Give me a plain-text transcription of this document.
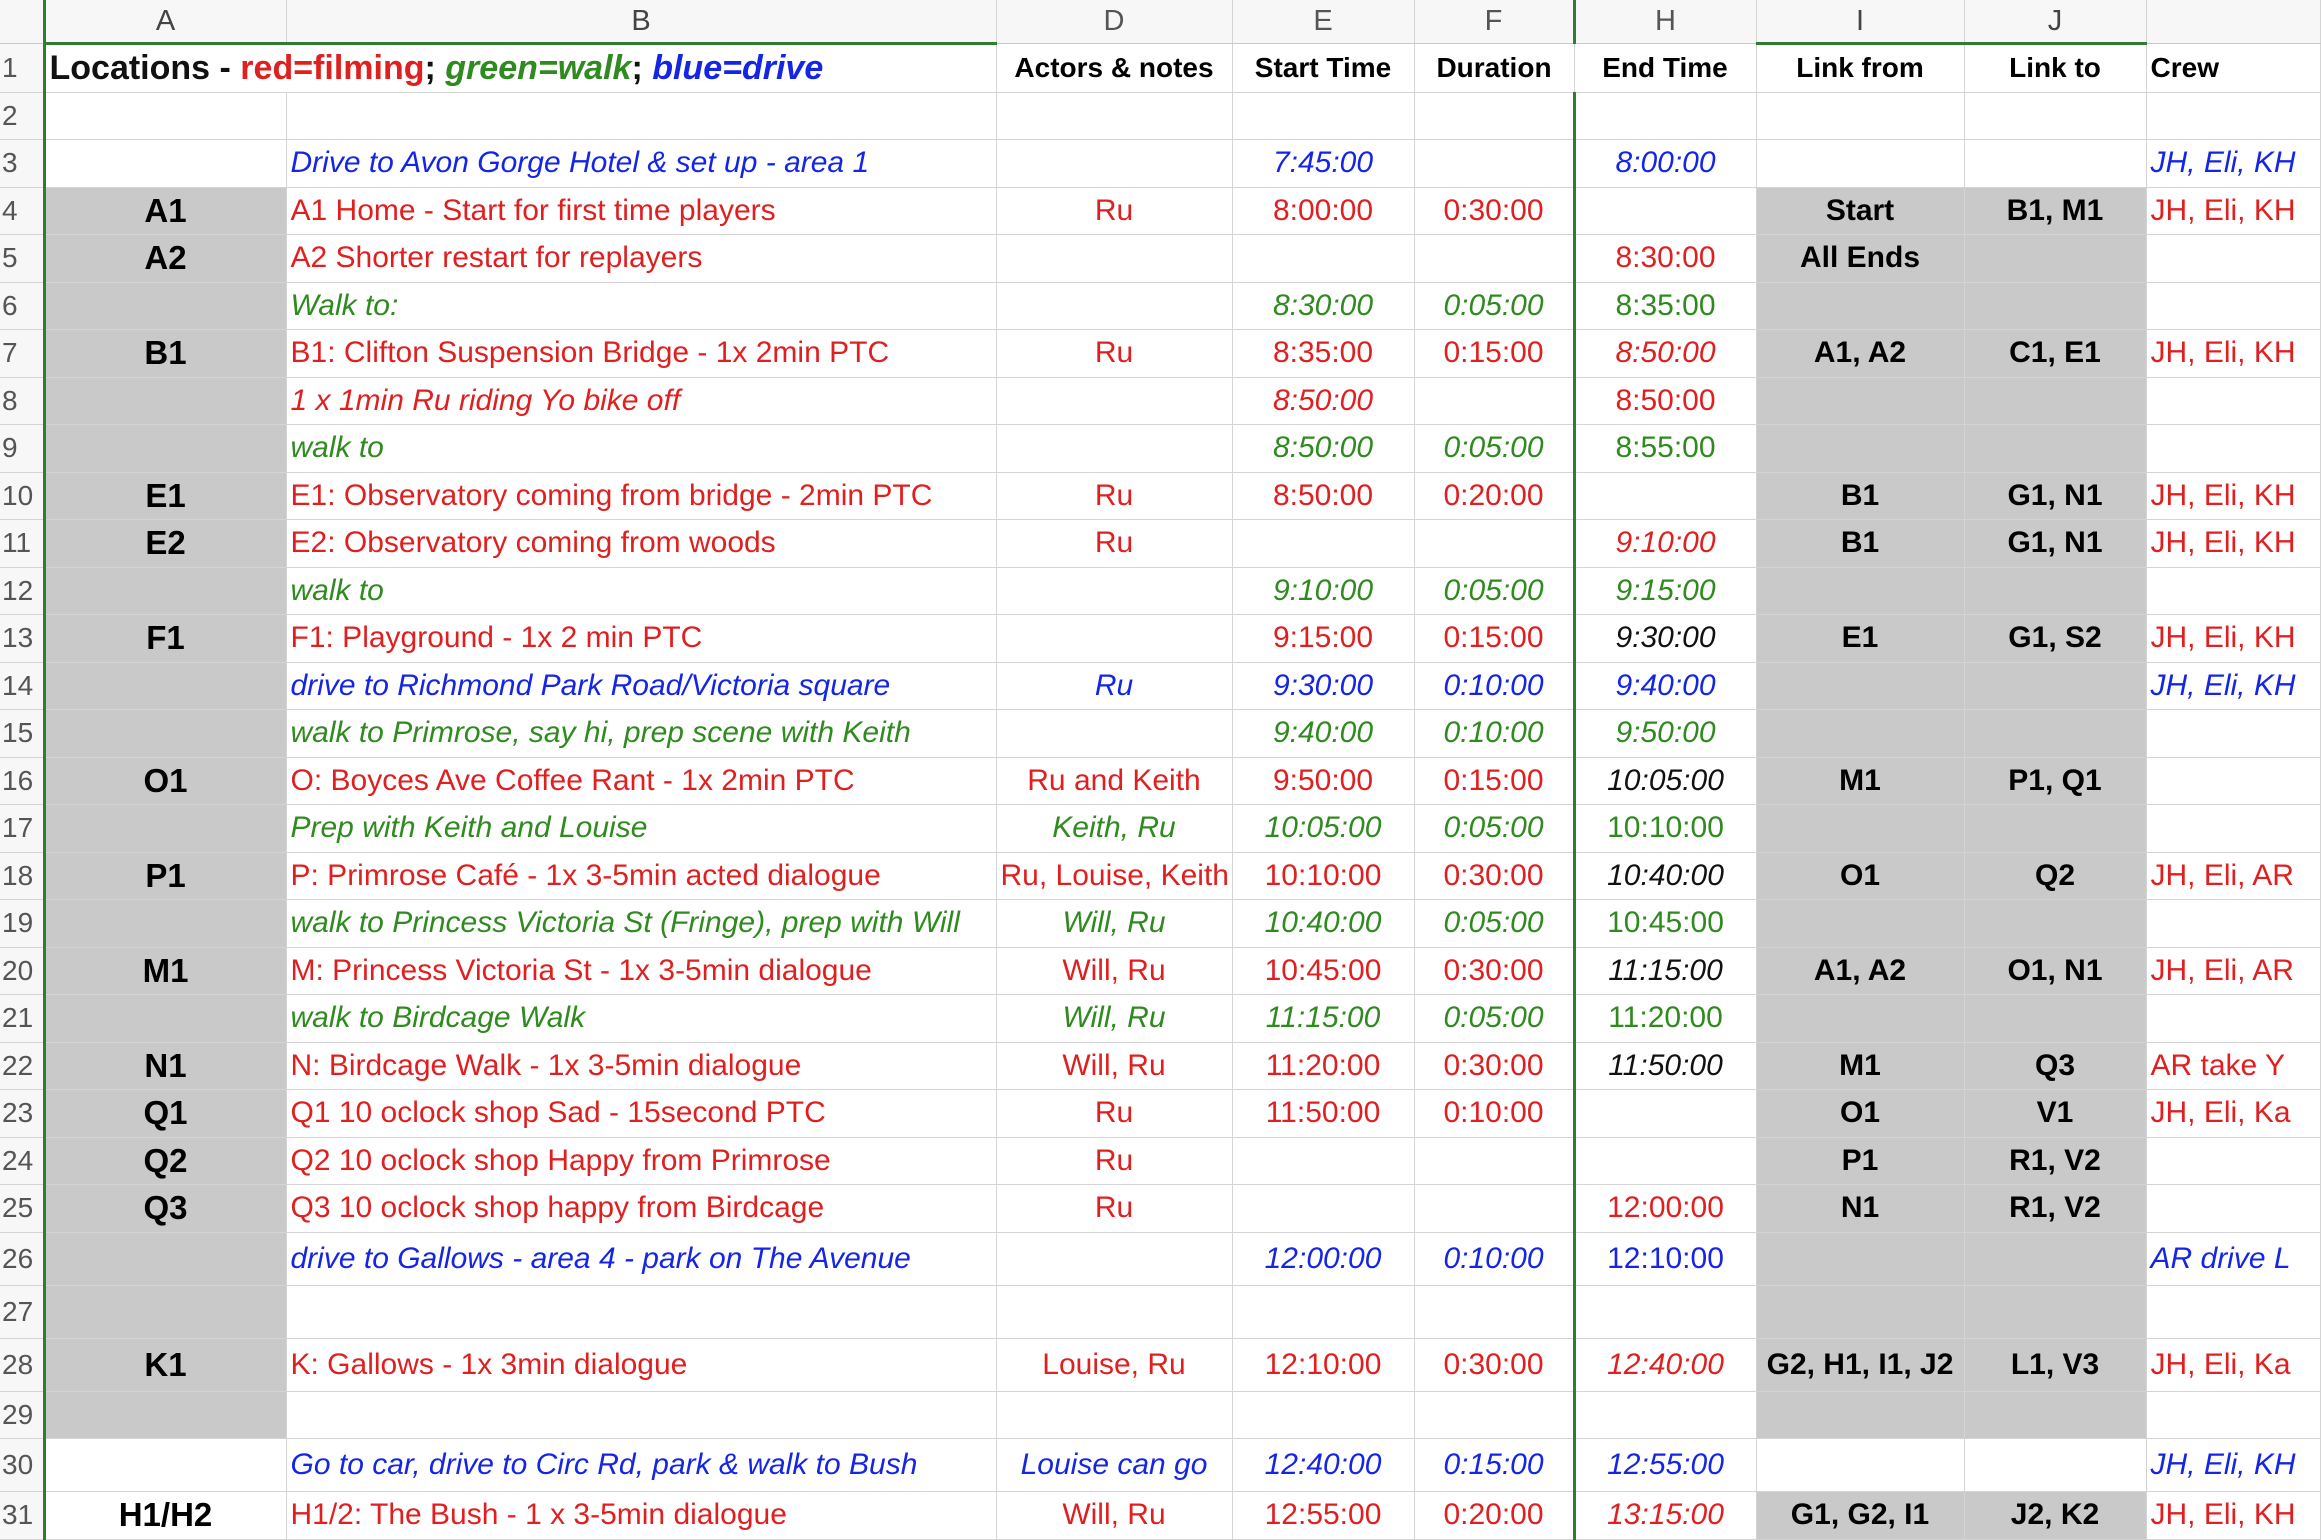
	A	B	D	E	F	H	I	J	
1	Locations - red=filming; green=walk; blue=drive		Actors & notes	Start Time	Duration	End Time	Link from	Link to	Crew
2									
3		Drive to Avon Gorge Hotel & set up - area 1		7:45:00		8:00:00			JH, Eli, KH
4	A1	A1 Home - Start for first time players	Ru	8:00:00	0:30:00		Start	B1, M1	JH, Eli, KH
5	A2	A2 Shorter restart for replayers				8:30:00	All Ends		
6		Walk to:		8:30:00	0:05:00	8:35:00			
7	B1	B1: Clifton Suspension Bridge - 1x 2min PTC	Ru	8:35:00	0:15:00	8:50:00	A1, A2	C1, E1	JH, Eli, KH
8		1 x 1min Ru riding Yo bike off		8:50:00		8:50:00			
9		walk to		8:50:00	0:05:00	8:55:00			
10	E1	E1: Observatory coming from bridge - 2min PTC	Ru	8:50:00	0:20:00		B1	G1, N1	JH, Eli, KH
11	E2	E2: Observatory coming from woods	Ru			9:10:00	B1	G1, N1	JH, Eli, KH
12		walk to		9:10:00	0:05:00	9:15:00			
13	F1	F1: Playground - 1x 2 min PTC		9:15:00	0:15:00	9:30:00	E1	G1, S2	JH, Eli, KH
14		drive to Richmond Park Road/Victoria square	Ru	9:30:00	0:10:00	9:40:00			JH, Eli, KH
15		walk to Primrose, say hi, prep scene with Keith		9:40:00	0:10:00	9:50:00			
16	O1	O: Boyces Ave Coffee Rant - 1x 2min PTC	Ru and Keith	9:50:00	0:15:00	10:05:00	M1	P1, Q1	
17		Prep with Keith and Louise	Keith, Ru	10:05:00	0:05:00	10:10:00			
18	P1	P: Primrose Café - 1x 3-5min acted dialogue	Ru, Louise, Keith	10:10:00	0:30:00	10:40:00	O1	Q2	JH, Eli, AR
19		walk to Princess Victoria St (Fringe), prep with Will	Will, Ru	10:40:00	0:05:00	10:45:00			
20	M1	M: Princess Victoria St - 1x 3-5min dialogue	Will, Ru	10:45:00	0:30:00	11:15:00	A1, A2	O1, N1	JH, Eli, AR
21		walk to Birdcage Walk	Will, Ru	11:15:00	0:05:00	11:20:00			
22	N1	N: Birdcage Walk - 1x 3-5min dialogue	Will, Ru	11:20:00	0:30:00	11:50:00	M1	Q3	AR take Y
23	Q1	Q1 10 oclock shop Sad - 15second PTC	Ru	11:50:00	0:10:00		O1	V1	JH, Eli, Ka
24	Q2	Q2 10 oclock shop Happy from Primrose	Ru				P1	R1, V2	
25	Q3	Q3 10 oclock shop happy from Birdcage	Ru			12:00:00	N1	R1, V2	
26		drive to Gallows - area 4 - park on The Avenue		12:00:00	0:10:00	12:10:00			AR drive L
27									
28	K1	K: Gallows - 1x 3min dialogue	Louise, Ru	12:10:00	0:30:00	12:40:00	G2, H1, I1, J2	L1, V3	JH, Eli, Ka
29									
30		Go to car, drive to Circ Rd, park & walk to Bush	Louise can go	12:40:00	0:15:00	12:55:00			JH, Eli, KH
31	H1/H2	H1/2: The Bush - 1 x 3-5min dialogue	Will, Ru	12:55:00	0:20:00	13:15:00	G1, G2, I1	J2, K2	JH, Eli, KH
